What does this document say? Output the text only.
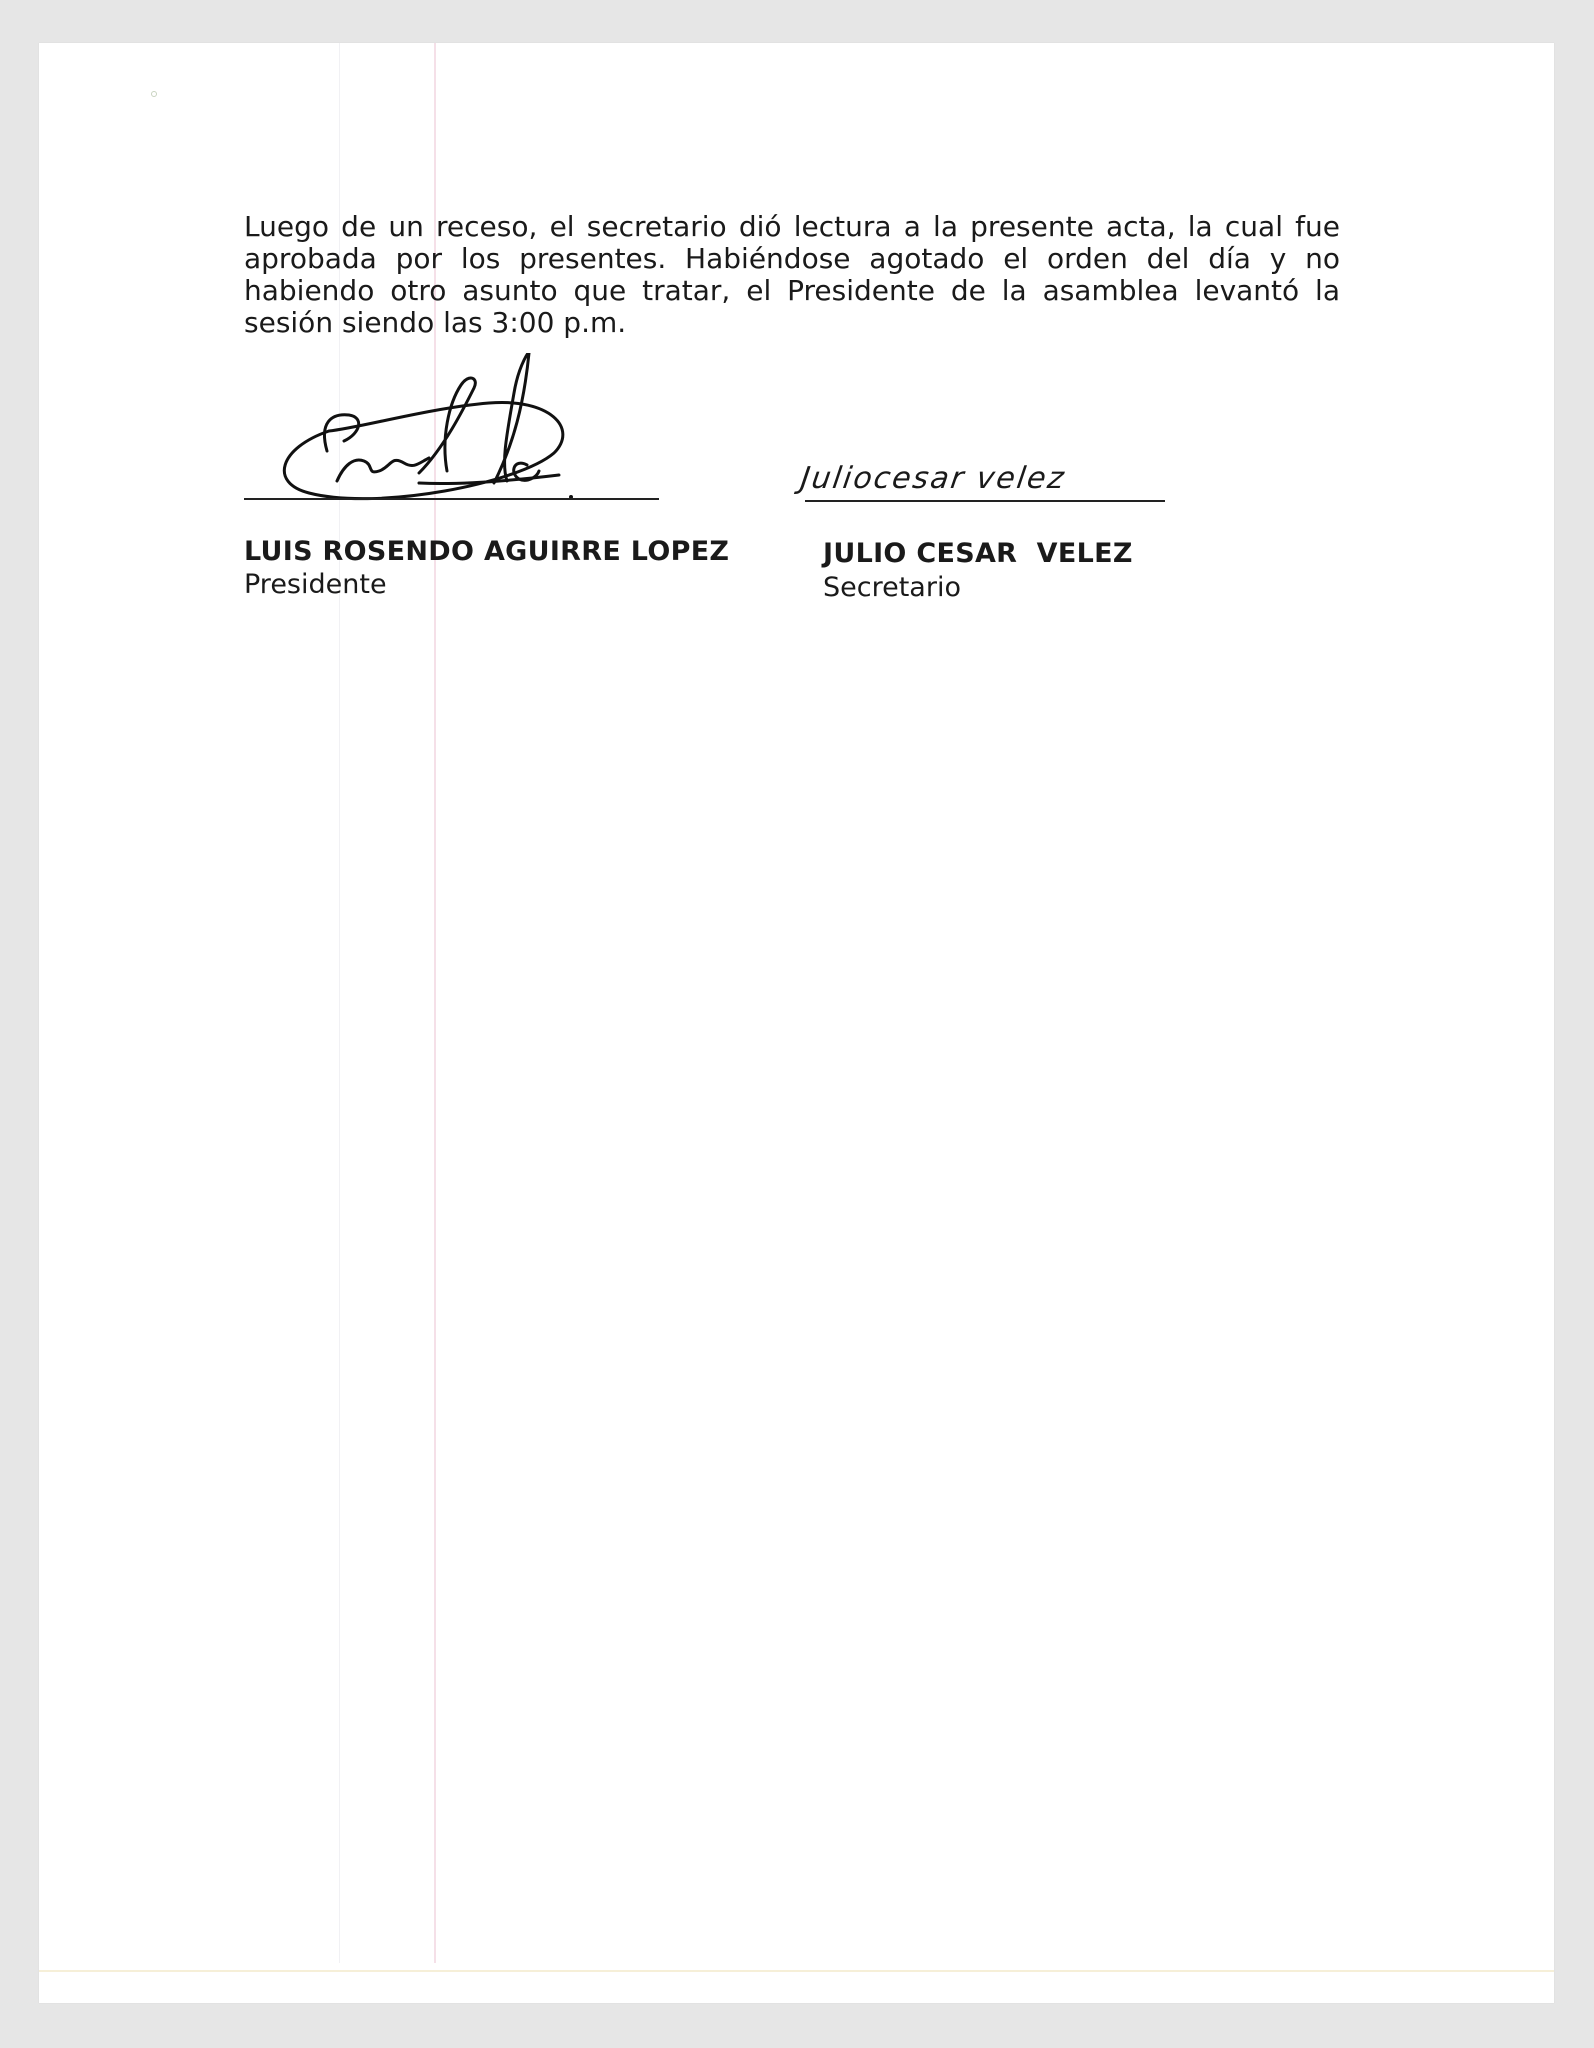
Luego de un receso, el secretario dió lectura a la presente acta, la cual fue aprobada por los presentes. Habiéndose agotado el orden del día y no habiendo otro asunto que tratar, el Presidente de la asamblea levantó la sesión siendo las 3:00 p.m.

Juliocesar velez
LUIS ROSENDO AGUIRRE LOPEZ
Presidente
JULIO CESAR  VELEZ
Secretario
